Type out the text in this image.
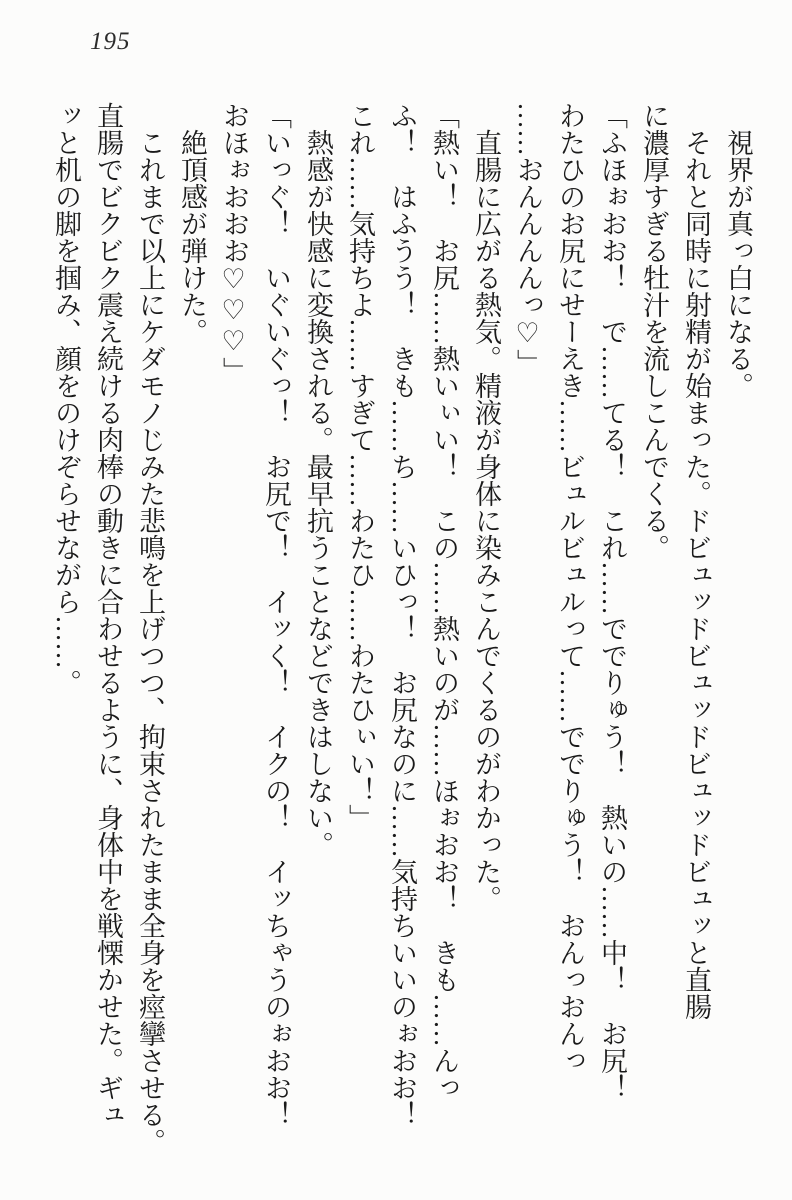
195

視界が真っ白になる。

それと同時に射精が始まった。ドビュッドビュッドビュッドビュッと直腸

に濃厚すぎる牡汁を流しこんでくる。

「ふほぉおお！　で……てる！　これ……ででりゅう！　熱いの……中！　お尻！

わたひのお尻にせーえき……ビュルビュルって……ででりゅう！　おんっおんっ

……おんんんんっ♡」

直腸に広がる熱気。精液が身体に染みこんでくるのがわかった。

「熱い！　お尻……熱いぃい！　この……熱いのが……ほぉおお！　きも……んっ

ふ！　はふうう！　きも……ち……いひっ！　お尻なのに……気持ちいいのぉおお！

これ……気持ちよ……すぎて……わたひ……わたひぃい！」

熱感が快感に変換される。最早抗うことなどできはしない。

「いっぐ！　いぐいぐっ！　お尻で！　イッく！　イクの！　イッちゃうのぉおお！

おほぉおおお♡♡♡」

絶頂感が弾けた。

これまで以上にケダモノじみた悲鳴を上げつつ、拘束されたまま全身を痙攣させる。

直腸でビクビク震え続ける肉棒の動きに合わせるように、身体中を戦慄かせた。ギュ

ッと机の脚を掴み、顔をのけぞらせながら……。
